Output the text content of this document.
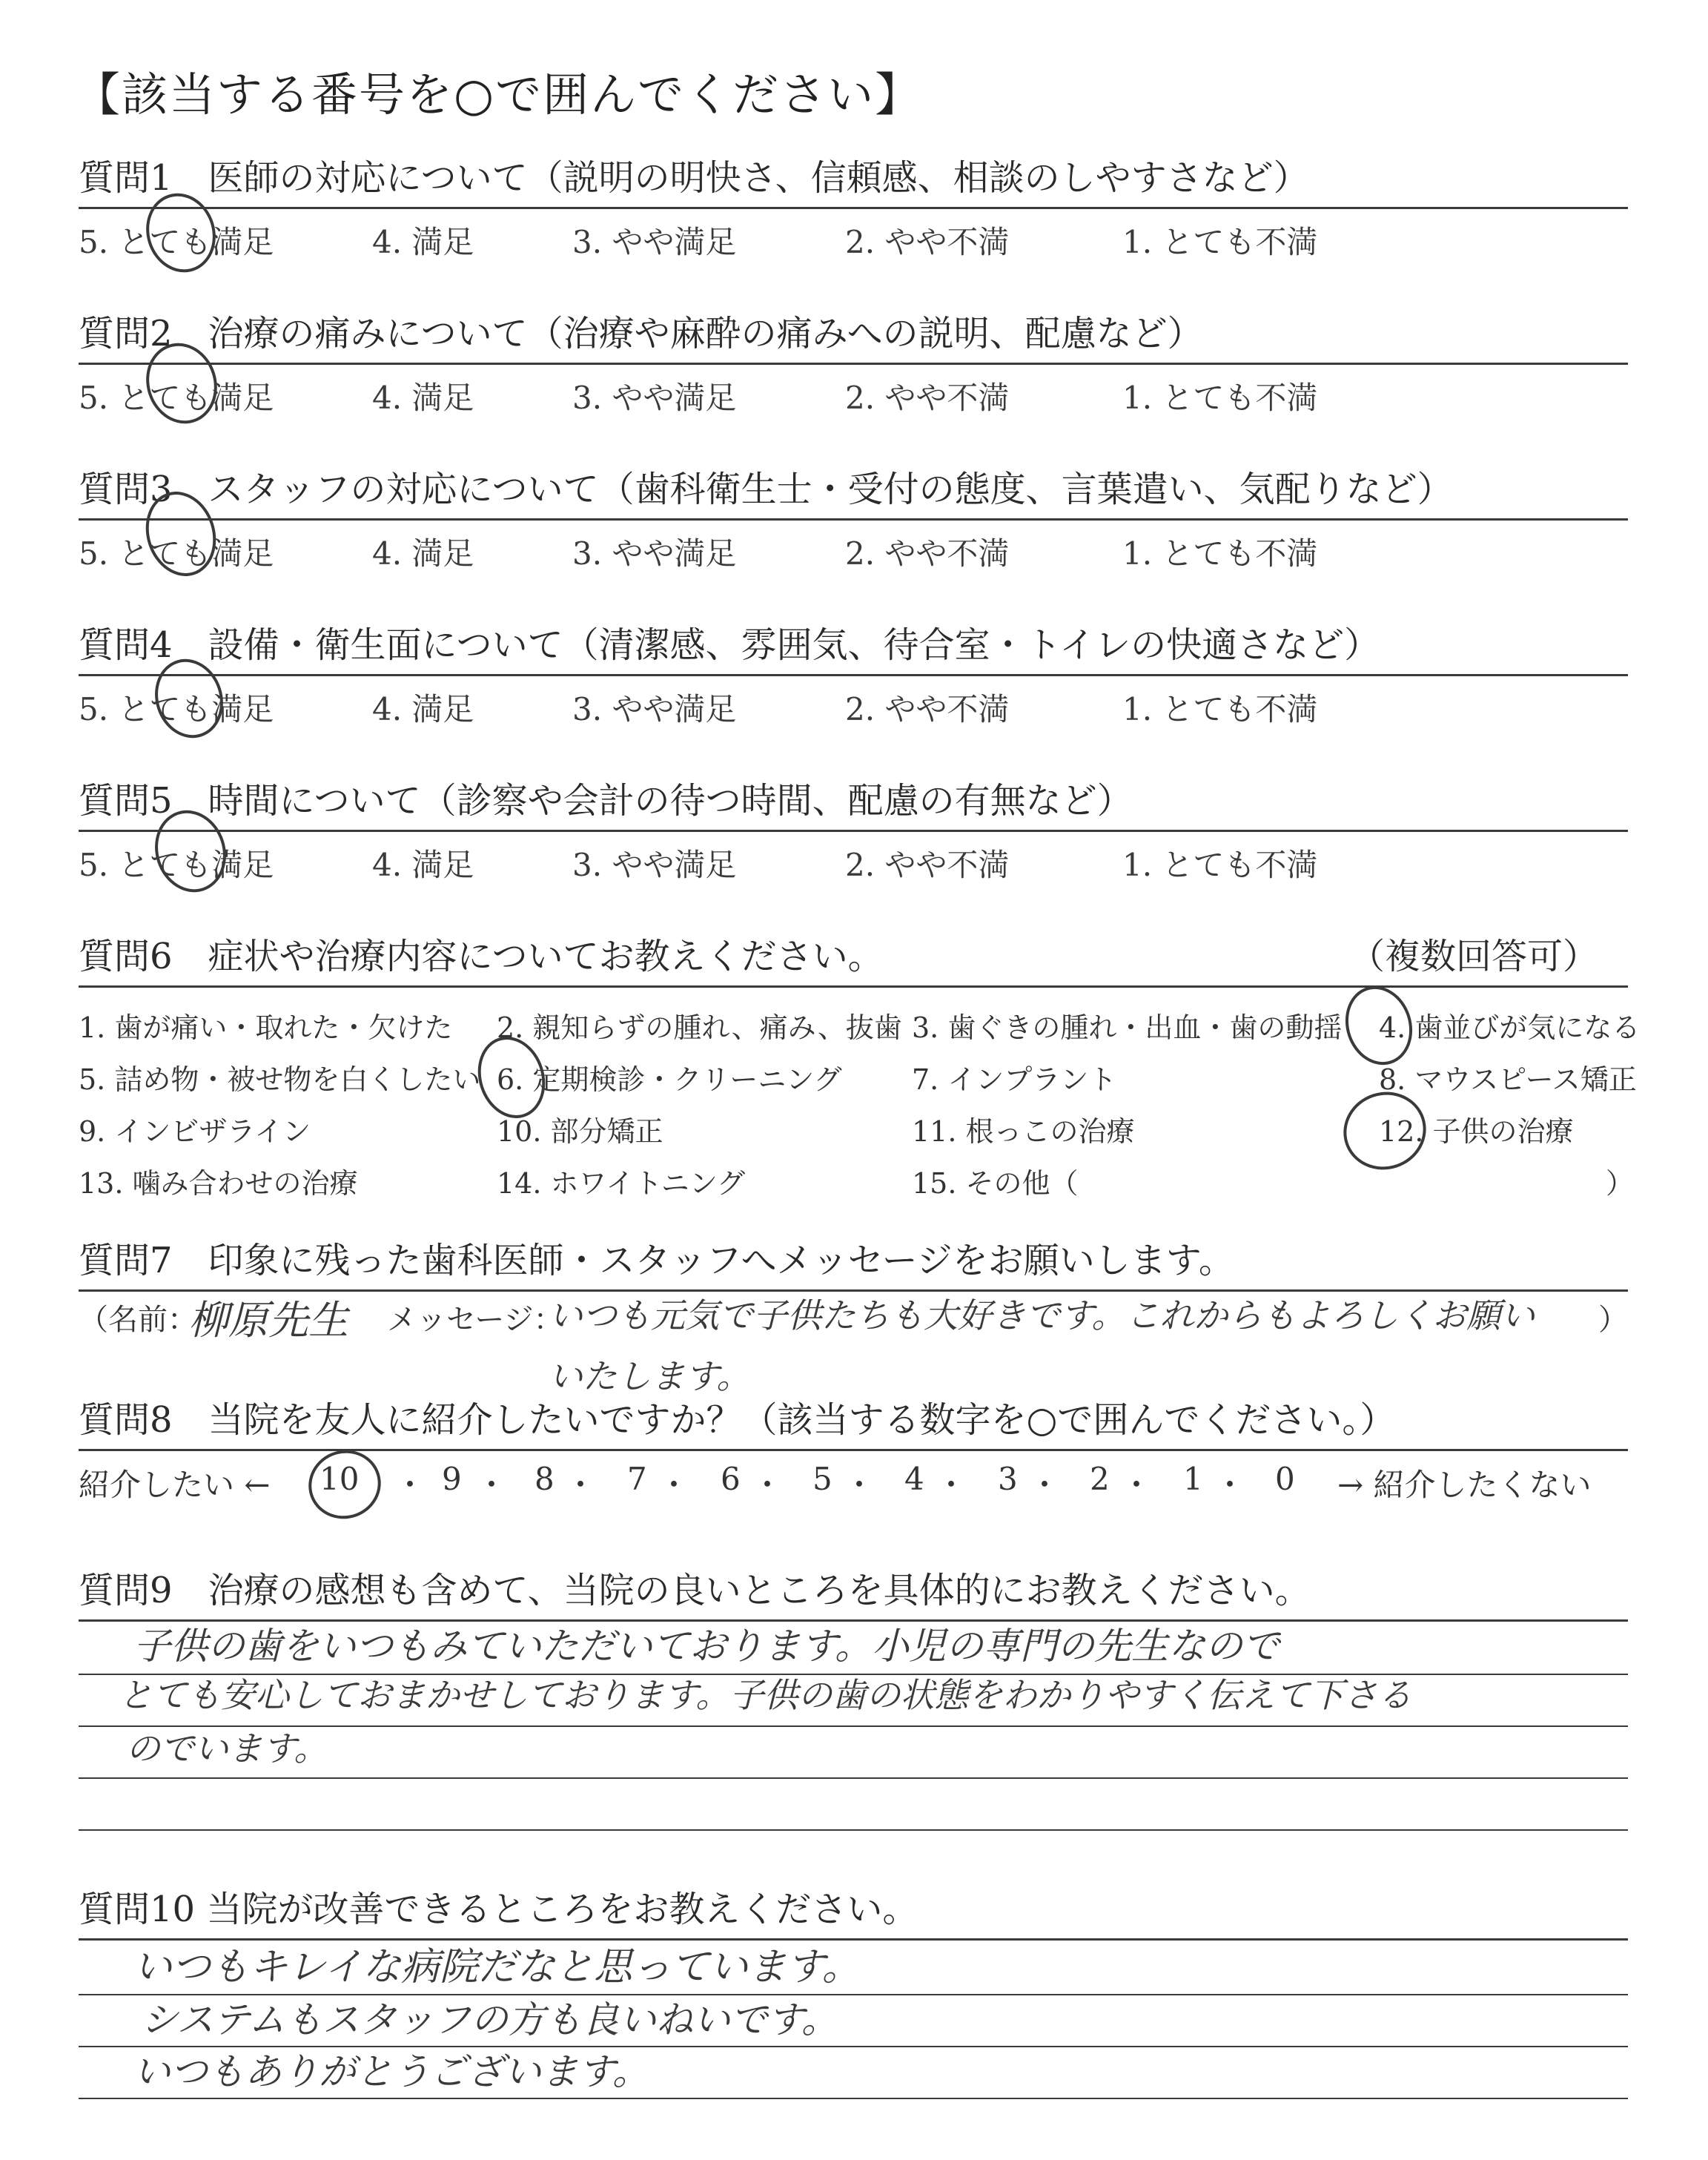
【該当する番号を○で囲んでください】
質問1　医師の対応について（説明の明快さ、信頼感、相談のしやすさなど）
5. とても満足	4. 満足	3. やや満足	2. やや不満	1. とても不満
質問2　治療の痛みについて（治療や麻酔の痛みへの説明、配慮など）
5. とても満足	4. 満足	3. やや満足	2. やや不満	1. とても不満
質問3　スタッフの対応について（歯科衛生士・受付の態度、言葉遣い、気配りなど）
5. とても満足	4. 満足	3. やや満足	2. やや不満	1. とても不満
質問4　設備・衛生面について（清潔感、雰囲気、待合室・トイレの快適さなど）
5. とても満足	4. 満足	3. やや満足	2. やや不満	1. とても不満
質問5　時間について（診察や会計の待つ時間、配慮の有無など）
5. とても満足	4. 満足	3. やや満足	2. やや不満	1. とても不満
質問6　症状や治療内容についてお教えください。	（複数回答可）
1. 歯が痛い・取れた・欠けた 2. 親知らずの腫れ、痛み、抜歯 3. 歯ぐきの腫れ・出血・歯の動揺 4. 歯並びが気になる
5. 詰め物・被せ物を白くしたい 6. 定期検診・クリーニング 7. インプラント	8. マウスピース矯正
9. インビザライン	10. 部分矯正	11. 根っこの治療	12. 子供の治療
13. 噛み合わせの治療	14. ホワイトニング	15. その他（	）
質問7　印象に残った歯科医師・スタッフへメッセージをお願いします。
（名前：
柳原先生 メッセージ：
いつも元気で子供たちも大好きです。これからもよろしくお願い ）
いたします。
質問8　当院を友人に紹介したいですか？（該当する数字を○で囲んでください。）
紹介したい ← 10 ・ 9 ・ 8 ・ 7 ・ 6 ・ 5 ・ 4 ・ 3 ・ 2 ・ 1 ・ 0 → 紹介したくない
質問9　治療の感想も含めて、当院の良いところを具体的にお教えください。
子供の歯をいつもみていただいております。小児の専門の先生なので
とても安心しておまかせしております。子供の歯の状態をわかりやすく伝えて下さる
のでいます。
質問10 当院が改善できるところをお教えください。
いつもキレイな病院だなと思っています。
システムもスタッフの方も良いねいです。
いつもありがとうございます。
